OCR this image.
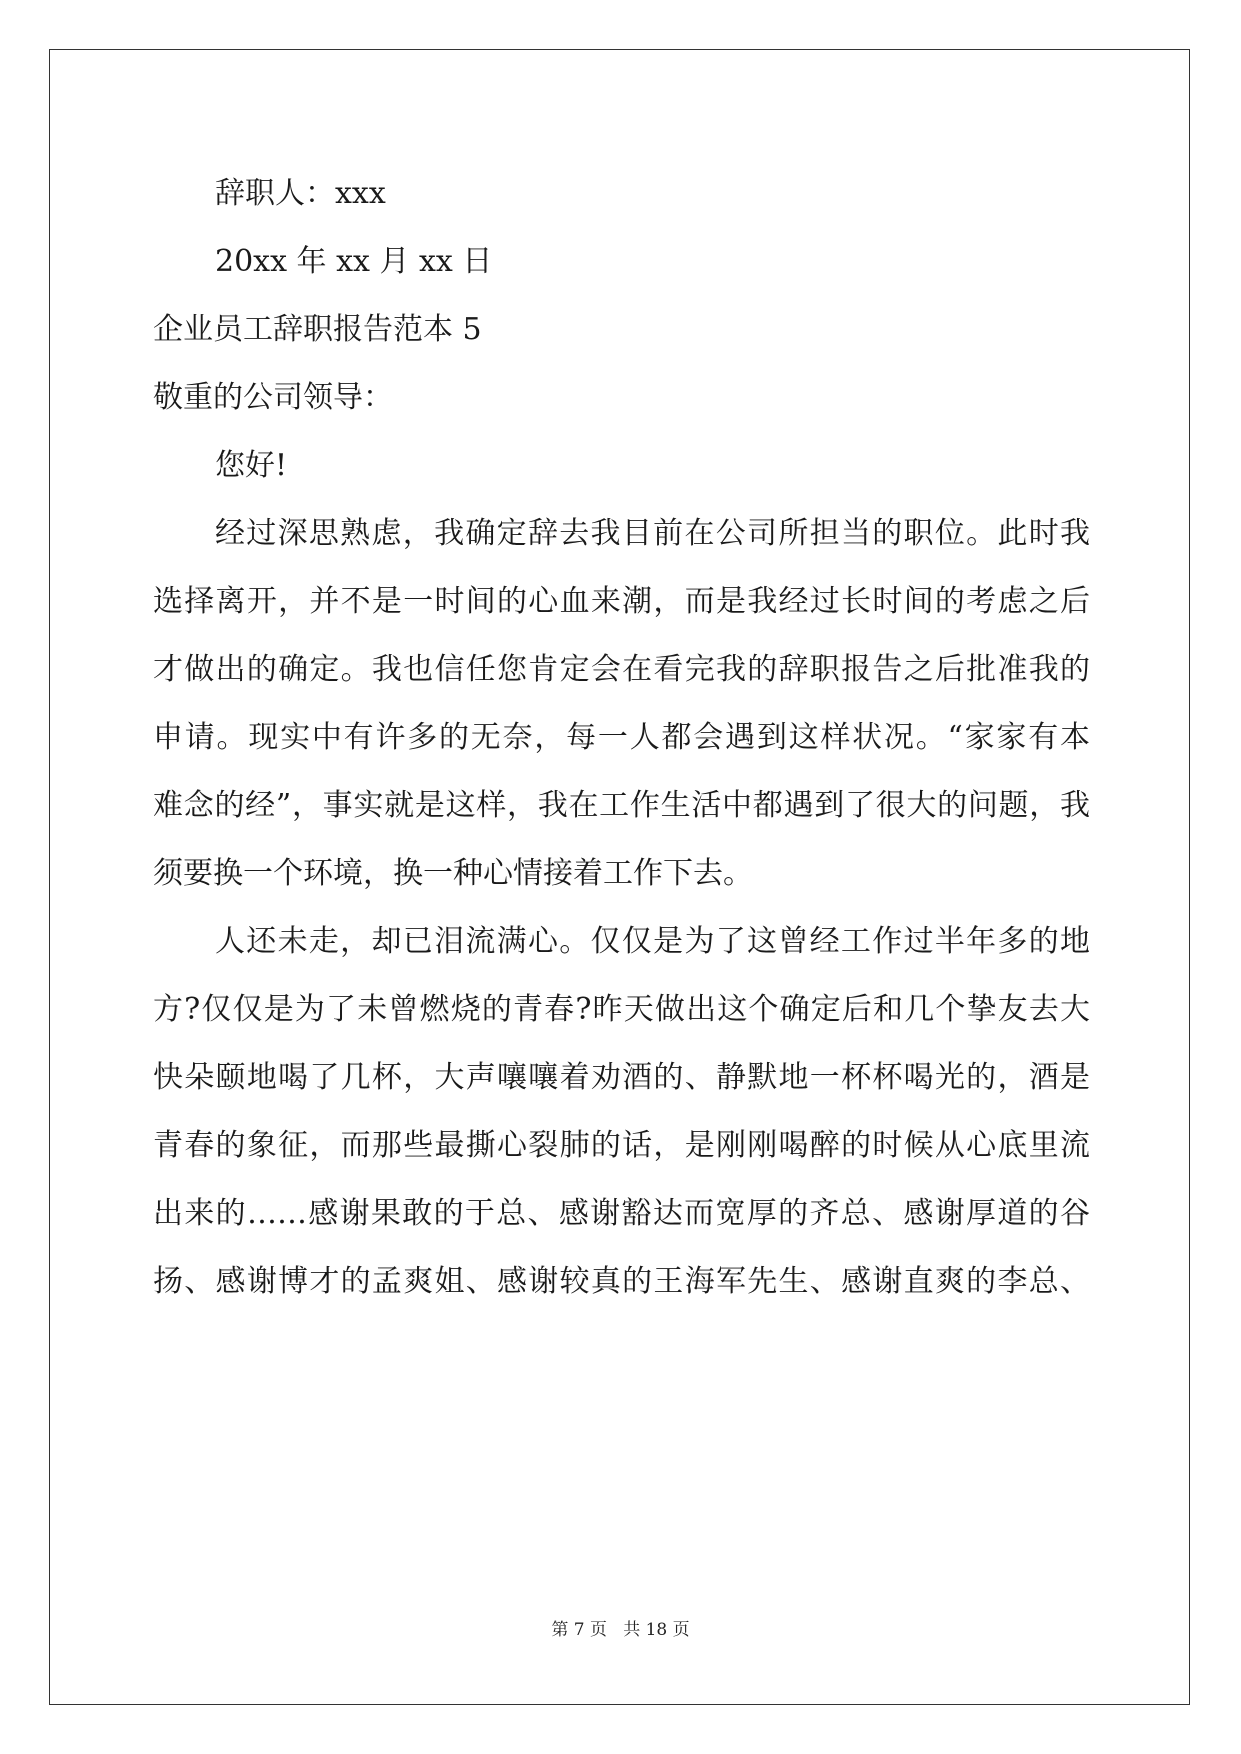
辞职人：xxx
20xx 年 xx 月 xx 日
企业员工辞职报告范本 5
敬重的公司领导：
您好!
经过深思熟虑，我确定辞去我目前在公司所担当的职位。此时我
选择离开，并不是一时间的心血来潮，而是我经过长时间的考虑之后
才做出的确定。我也信任您肯定会在看完我的辞职报告之后批准我的
申请。现实中有许多的无奈，每一人都会遇到这样状况。“家家有本
难念的经”，事实就是这样，我在工作生活中都遇到了很大的问题，我
须要换一个环境，换一种心情接着工作下去。
人还未走，却已泪流满心。仅仅是为了这曾经工作过半年多的地
方?仅仅是为了未曾燃烧的青春?昨天做出这个确定后和几个挚友去大
快朵颐地喝了几杯，大声嚷嚷着劝酒的、静默地一杯杯喝光的，酒是
青春的象征，而那些最撕心裂肺的话，是刚刚喝醉的时候从心底里流
出来的……感谢果敢的于总、感谢豁达而宽厚的齐总、感谢厚道的谷
扬、感谢博才的孟爽姐、感谢较真的王海军先生、感谢直爽的李总、
第 7 页   共 18 页
